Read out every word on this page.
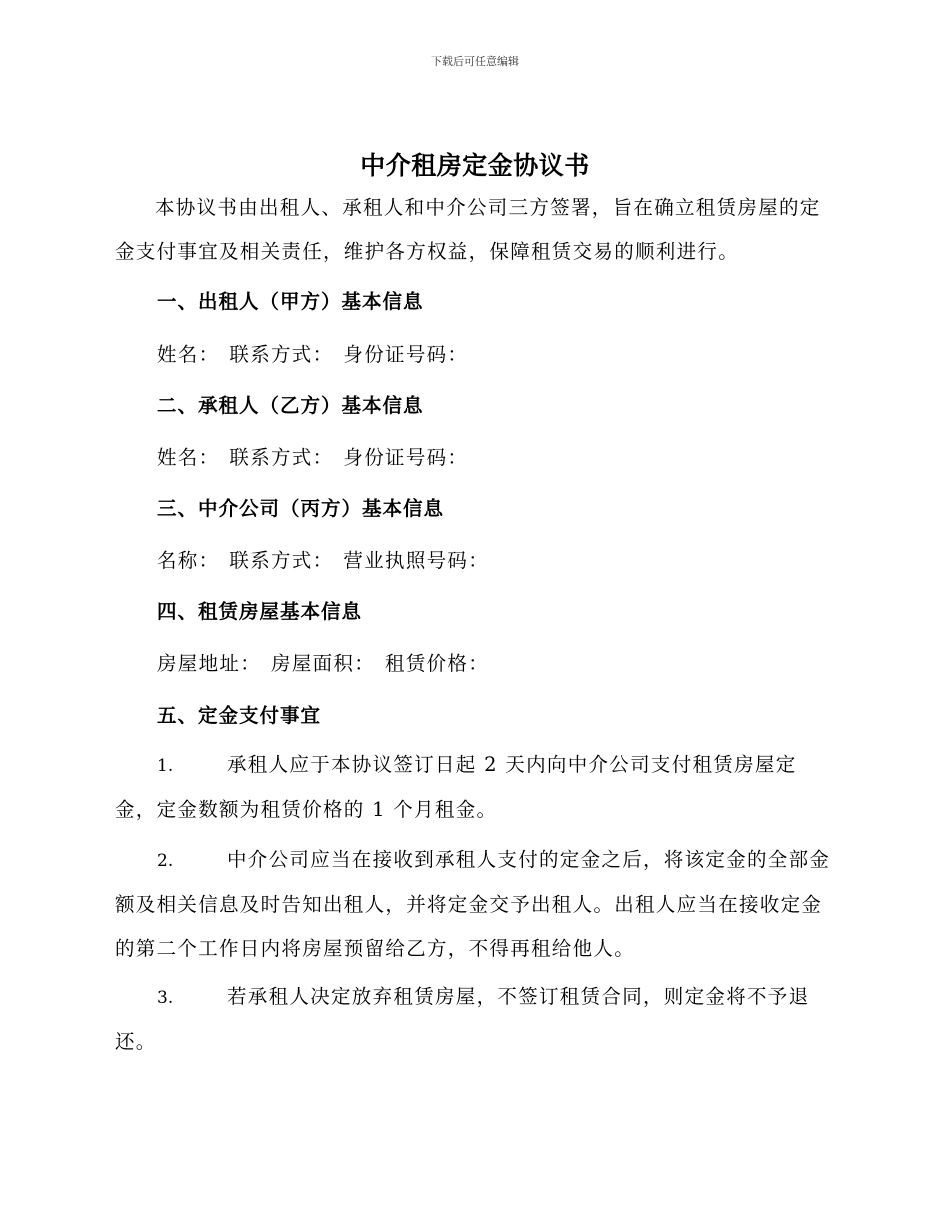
下载后可任意编辑
中介租房定金协议书
本协议书由出租人、承租人和中介公司三方签署，旨在确立租赁房屋的定金支付事宜及相关责任，维护各方权益，保障租赁交易的顺利进行。
一、出租人（甲方）基本信息
姓名： 联系方式： 身份证号码：
二、承租人（乙方）基本信息
姓名： 联系方式： 身份证号码：
三、中介公司（丙方）基本信息
名称： 联系方式： 营业执照号码：
四、租赁房屋基本信息
房屋地址： 房屋面积： 租赁价格：
五、定金支付事宜
1.	承租人应于本协议签订日起 2 天内向中介公司支付租赁房屋定金，定金数额为租赁价格的 1 个月租金。
2.	中介公司应当在接收到承租人支付的定金之后，将该定金的全部金额及相关信息及时告知出租人，并将定金交予出租人。出租人应当在接收定金的第二个工作日内将房屋预留给乙方，不得再租给他人。
3.	若承租人决定放弃租赁房屋，不签订租赁合同，则定金将不予退还。
